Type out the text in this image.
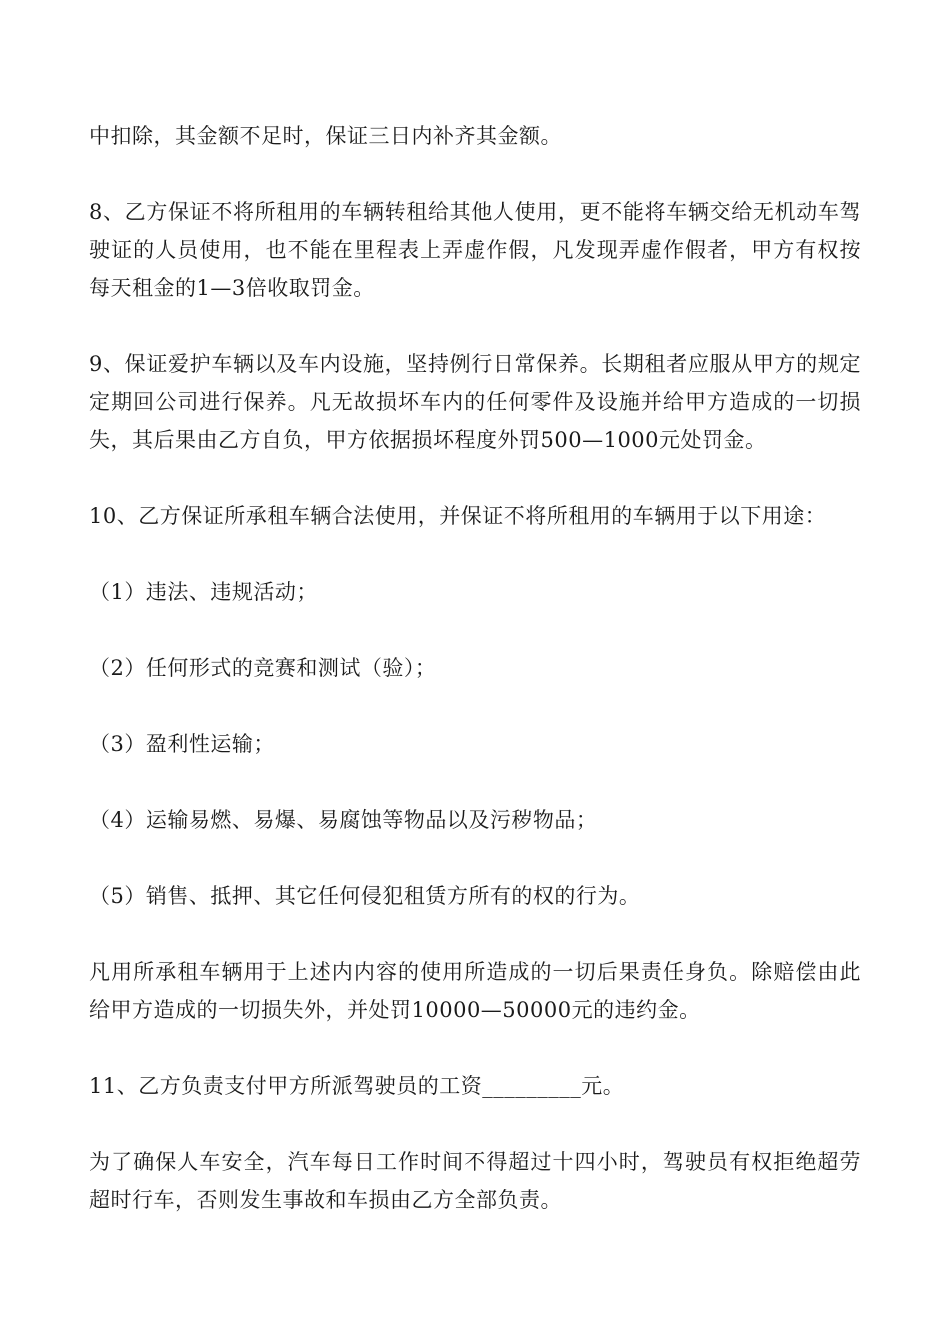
中扣除，其金额不足时，保证三日内补齐其金额。

8、乙方保证不将所租用的车辆转租给其他人使用，更不能将车辆交给无机动车驾驶证的人员使用，也不能在里程表上弄虚作假，凡发现弄虚作假者，甲方有权按每天租金的1—3倍收取罚金。

9、保证爱护车辆以及车内设施，坚持例行日常保养。长期租者应服从甲方的规定定期回公司进行保养。凡无故损坏车内的任何零件及设施并给甲方造成的一切损失，其后果由乙方自负，甲方依据损坏程度外罚500—1000元处罚金。

10、乙方保证所承租车辆合法使用，并保证不将所租用的车辆用于以下用途：

（1）违法、违规活动；

（2）任何形式的竞赛和测试（验）；

（3）盈利性运输；

（4）运输易燃、易爆、易腐蚀等物品以及污秽物品；

（5）销售、抵押、其它任何侵犯租赁方所有的权的行为。

凡用所承租车辆用于上述内内容的使用所造成的一切后果责任身负。除赔偿由此给甲方造成的一切损失外，并处罚10000—50000元的违约金。

11、乙方负责支付甲方所派驾驶员的工资_________元。

为了确保人车安全，汽车每日工作时间不得超过十四小时，驾驶员有权拒绝超劳超时行车，否则发生事故和车损由乙方全部负责。
